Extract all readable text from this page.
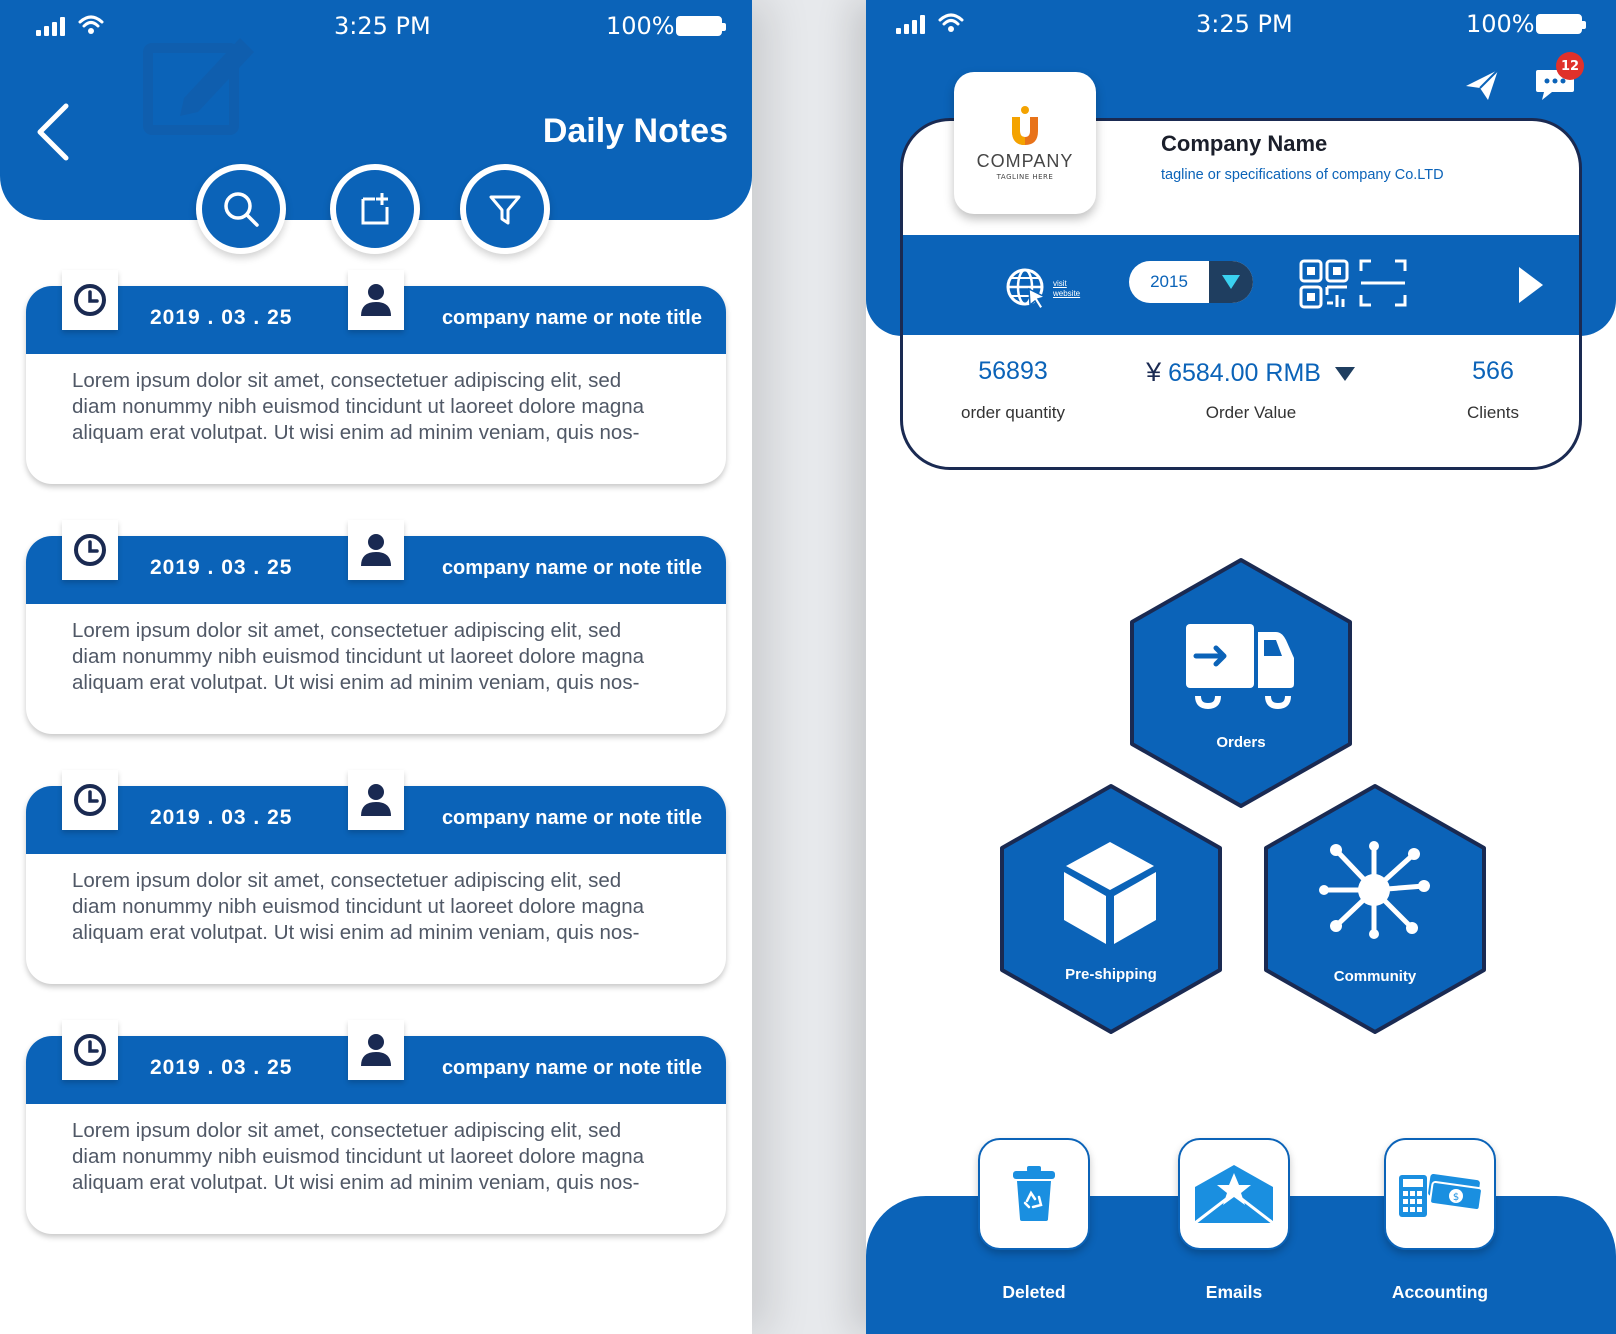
3:25 PM	100%
Daily Notes
2019 . 03 . 25	company name or note title
Lorem ipsum dolor sit amet, consectetuer adipiscing elit, sed
diam nonummy nibh euismod tincidunt ut laoreet dolore magna
aliquam erat volutpat. Ut wisi enim ad minim veniam, quis nos-
2019 . 03 . 25	company name or note title
Lorem ipsum dolor sit amet, consectetuer adipiscing elit, sed
diam nonummy nibh euismod tincidunt ut laoreet dolore magna
aliquam erat volutpat. Ut wisi enim ad minim veniam, quis nos-
2019 . 03 . 25	company name or note title
Lorem ipsum dolor sit amet, consectetuer adipiscing elit, sed
diam nonummy nibh euismod tincidunt ut laoreet dolore magna
aliquam erat volutpat. Ut wisi enim ad minim veniam, quis nos-
2019 . 03 . 25	company name or note title
Lorem ipsum dolor sit amet, consectetuer adipiscing elit, sed
diam nonummy nibh euismod tincidunt ut laoreet dolore magna
aliquam erat volutpat. Ut wisi enim ad minim veniam, quis nos-
3:25 PM	100%
12
Company Name
tagline or specifications of company Co.LTD
visit
website
2015
56893
order quantity
¥ 6584.00 RMB
Order Value
566
Clients
COMPANY
TAGLINE HERE
Orders
Pre-shipping	Community
$
Deleted	Emails	Accounting
